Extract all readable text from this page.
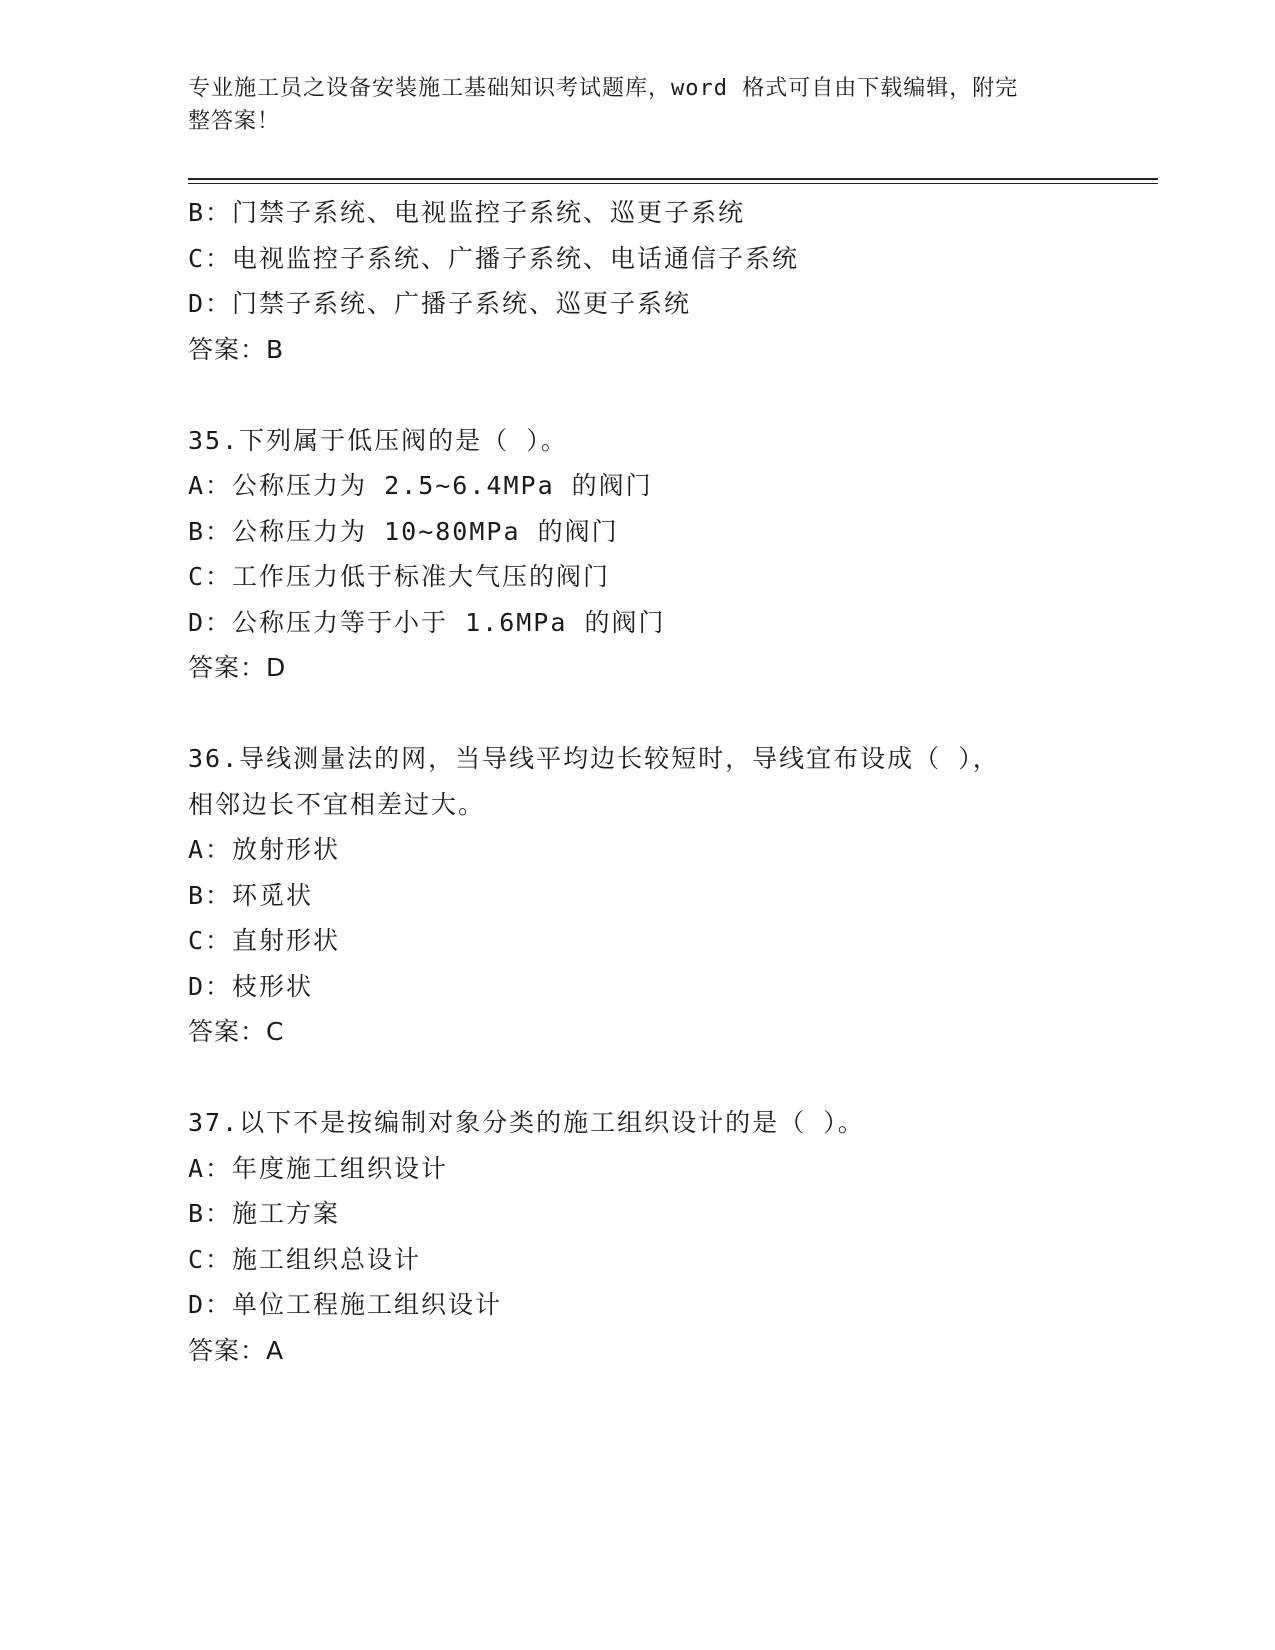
专业施工员之设备安装施工基础知识考试题库，word 格式可自由下载编辑，附完
整答案！
B：门禁子系统、电视监控子系统、巡更子系统
C：电视监控子系统、广播子系统、电话通信子系统
D：门禁子系统、广播子系统、巡更子系统
答案：B
35.下列属于低压阀的是（ ）。
A：公称压力为 2.5~6.4MPa 的阀门
B：公称压力为 10~80MPa 的阀门
C：工作压力低于标准大气压的阀门
D：公称压力等于小于 1.6MPa 的阀门
答案：D
36.导线测量法的网，当导线平均边长较短时，导线宜布设成（ ），
相邻边长不宜相差过大。
A：放射形状
B：环觅状
C：直射形状
D：枝形状
答案：C
37.以下不是按编制对象分类的施工组织设计的是（ ）。
A：年度施工组织设计
B：施工方案
C：施工组织总设计
D：单位工程施工组织设计
答案：A
